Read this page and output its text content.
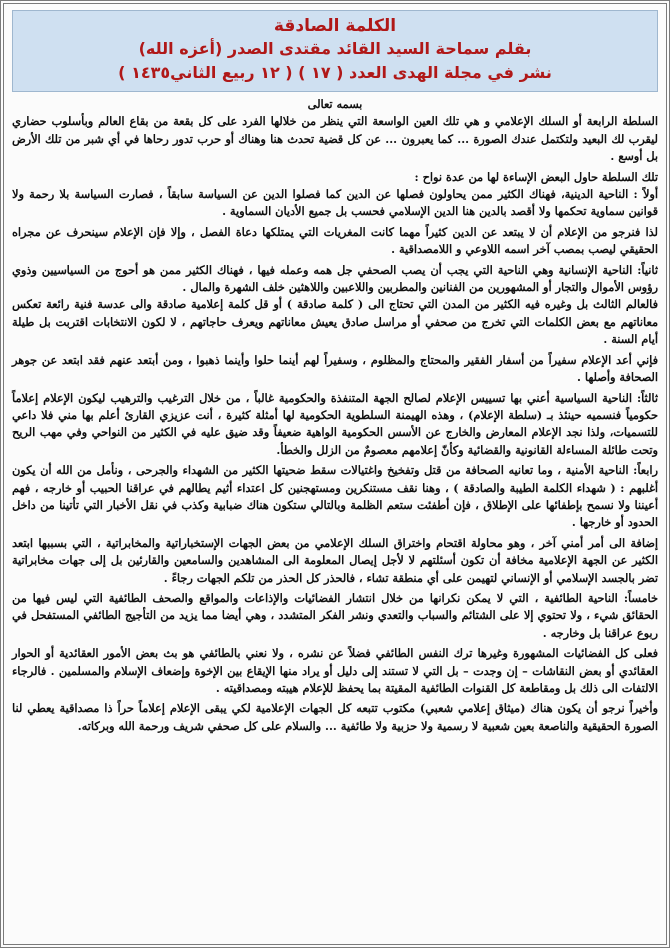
الكلمة الصادقة
بقلم سماحة السيد القائد مقتدى الصدر (أعزه الله)
نشر في مجلة الهدى العدد ( ١٧ ) ( ١٢ ربيع الثاني١٤٣٥ )

بسمه تعالى

السلطة الرابعة أو السلك الإعلامي و هي تلك العين الواسعة التي ينظر من خلالها الفرد على كل بقعة من بقاع العالم وبأسلوب حضاري ليقرب لك البعيد ولتكتمل عندك الصورة ... كما يعبرون ... عن كل قضية تحدث هنا وهناك أو حرب تدور رحاها في أي شبر من تلك الأرض بل أوسع .

تلك السلطة حاول البعض الإساءة لها من عدة نواح :

أولاً : الناحية الدينية، فهناك الكثير ممن يحاولون فصلها عن الدين كما فصلوا الدين عن السياسة سابقاً ، فصارت السياسة بلا رحمة ولا قوانين سماوية تحكمها ولا أقصد بالدين هنا الدين الإسلامي فحسب بل جميع الأديان السماوية .

لذا فنرجو من الإعلام أن لا يبتعد عن الدين كثيراً مهما كانت المغريات التي يمتلكها دعاة الفصل ، وإلا فإن الإعلام سينحرف عن مجراه الحقيقي ليصب بمصب آخر اسمه اللاوعي و اللامصداقية .

ثانياً: الناحية الإنسانية وهي الناحية التي يجب أن يصب الصحفي جل همه وعمله فيها ، فهناك الكثير ممن هو أحوج من السياسيين وذوي رؤوس الأموال والتجار أو المشهورين من الفنانين والمطربين واللاعبين واللاهثين خلف الشهرة والمال .

فالعالم الثالث بل وغيره فيه الكثير من المدن التي تحتاج الى ( كلمة صادقة ) أو قل كلمة إعلامية صادقة والى عدسة فنية رائعة تعكس معاناتهم مع بعض الكلمات التي تخرج من صحفي أو مراسل صادق يعيش معاناتهم ويعرف حاجاتهم ، لا لكون الانتخابات اقتربت بل طيلة أيام السنة .

فإني أعد الإعلام سفيراً من أسفار الفقير والمحتاج والمظلوم ، وسفيراً لهم أينما حلوا وأينما ذهبوا ، ومن أبتعد عنهم فقد ابتعد عن جوهر الصحافة وأصلها .

ثالثاً: الناحية السياسية أعني بها تسييس الإعلام لصالح الجهة المتنفذة والحكومية غالباً ، من خلال الترغيب والترهيب ليكون الإعلام إعلاماً حكومياً فنسميه حينئذ بـ (سلطة الإعلام) ، وهذه الهيمنة السلطوية الحكومية لها أمثلة كثيرة ، أنت عزيزي القارئ أعلم بها مني فلا داعي للتسميات، ولذا نجد الإعلام المعارض والخارج عن الأسس الحكومية الواهية ضعيفاً وقد ضيق عليه في الكثير من النواحي وفي مهب الريح وتحت طائلة المساءلة القانونية والقضائية وكأنّ إعلامهم معصومٌ من الزلل والخطأ.

رابعاً: الناحية الأمنية ، وما تعانيه الصحافة من قتل وتفخيخ واغتيالات سقط ضحيتها الكثير من الشهداء والجرحى ، ونأمل من الله أن يكون أغلبهم : ( شهداء الكلمة الطيبة والصادقة ) ، وهنا نقف مستنكرين ومستهجنين كل اعتداء أثيم يطالهم في عراقنا الحبيب أو خارجه ، فهم أعيننا ولا نسمح بإطفائها على الإطلاق ، فإن أطفئت ستعم الظلمة وبالتالي ستكون هناك ضبابية وكذب في نقل الأخبار التي تأتينا من داخل الحدود أو خارجها .

إضافة الى أمر أمني آخر ، وهو محاولة اقتحام واختراق السلك الإعلامي من بعض الجهات الإستخباراتية والمخابراتية ، التي بسببها ابتعد الكثير عن الجهة الإعلامية مخافة أن تكون أسئلتهم لا لأجل إيصال المعلومة الى المشاهدين والسامعين والقارئين بل إلى جهات مخابراتية تضر بالجسد الإسلامي أو الإنساني لتهيمن على أي منطقة تشاء ، فالحذر كل الحذر من تلكم الجهات رجاءً .

خامساً: الناحية الطائفية ، التي لا يمكن نكرانها من خلال انتشار الفضائيات والإذاعات والمواقع والصحف الطائفية التي ليس فيها من الحقائق شيء ، ولا تحتوي إلا على الشتائم والسباب والتعدي ونشر الفكر المتشدد ، وهي أيضا مما يزيد من التأجيج الطائفي المستفحل في ربوع عراقنا بل وخارجه .

فعلى كل الفضائيات المشهورة وغيرها ترك النفس الطائفي فضلاً عن نشره ، ولا نعني بالطائفي هو بث بعض الأمور العقائدية أو الحوار العقائدي أو بعض النقاشات – إن وجدت – بل التي لا تستند إلى دليل أو يراد منها الإيقاع بين الإخوة وإضعاف الإسلام والمسلمين . فالرجاء الالتفات الى ذلك بل ومقاطعة كل القنوات الطائفية المقيتة بما يحفظ للإعلام هيبته ومصداقيته .

وأخيراً نرجو أن يكون هناك (ميثاق إعلامي شعبي) مكتوب تتبعه كل الجهات الإعلامية لكي يبقى الإعلام إعلاماً حراً ذا مصداقية يعطي لنا الصورة الحقيقية والناصعة بعين شعبية لا رسمية ولا حزبية ولا طائفية ... والسلام على كل صحفي شريف ورحمة الله وبركاته.
